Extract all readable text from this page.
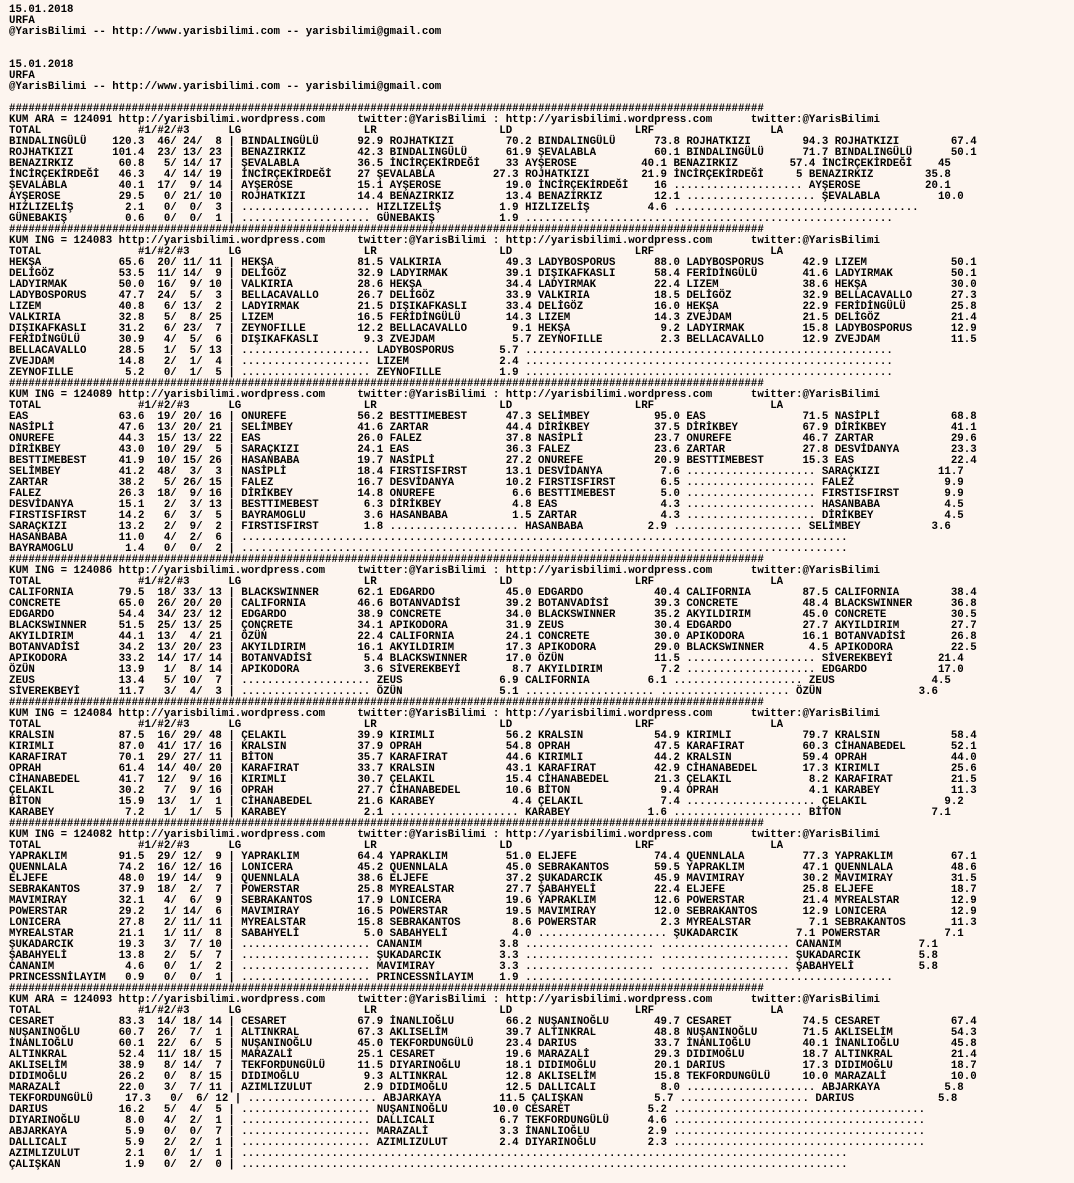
15.01.2018
URFA
@YarisBilimi -- http://www.yarisbilimi.com -- yarisbilimi@gmail.com
15.01.2018
URFA
@YarisBilimi -- http://www.yarisbilimi.com -- yarisbilimi@gmail.com
#####################################################################################################################
KUM ARA = 124091 http://yarisbilimi.wordpress.com     twitter:@YarisBilimi : http://yarisbilimi.wordpress.com      twitter:@YarisBilimi
TOTAL               #1/#2/#3      LG                   LR                   LD                   LRF                  LA
BINDALINGÜLÜ    120.3  46/ 24/  8 | BINDALINGÜLÜ      92.9 ROJHATKIZI        70.2 BINDALINGÜLÜ      73.8 ROJHATKIZI        94.3 ROJHATKIZI        67.4
ROJHATKIZI      101.4  23/ 13/ 23 | BENAZIRKIZ        42.3 BINDALINGÜLÜ      61.9 ŞEVALABLA         60.1 BINDALINGÜLÜ      71.7 BINDALINGÜLÜ      50.1
BENAZIRKIZ       60.8   5/ 14/ 17 | ŞEVALABLA         36.5 İNCİRÇEKİRDEĞİ    33 AYŞEROSE          40.1 BENAZIRKIZ        57.4 İNCİRÇEKİRDEĞİ    45
İNCİRÇEKİRDEĞİ   46.3   4/ 14/ 19 | İNCİRÇEKİRDEĞİ    27 ŞEVALABLA         27.3 ROJHATKIZI        21.9 İNCİRÇEKİRDEĞİ     5 BENAZIRKIZ        35.8
ŞEVALABLA        40.1  17/  9/ 14 | AYŞEROSE          15.1 AYŞEROSE          19.0 İNCİRÇEKİRDEĞİ    16 .................... AYŞEROSE          20.1
AYŞEROSE         29.5   0/ 21/ 10 | ROJHATKIZI        14.4 BENAZIRKIZ        13.4 BENAZIRKIZ        12.1 .................... ŞEVALABLA         10.0
HIZLIZELİŞ        2.1   0/  0/  3 | .................... HIZLIZELİŞ         1.9 HIZLIZELİŞ         4.6 ......................................
GÜNEBAKIŞ         0.6   0/  0/  1 | .................... GÜNEBAKIŞ          1.9 .........................................................
#####################################################################################################################
KUM ING = 124083 http://yarisbilimi.wordpress.com     twitter:@YarisBilimi : http://yarisbilimi.wordpress.com      twitter:@YarisBilimi
TOTAL               #1/#2/#3      LG                   LR                   LD                   LRF                  LA
HEKŞA            65.6  20/ 11/ 11 | HEKŞA             81.5 VALKIRIA          49.3 LADYBOSPORUS      88.0 LADYBOSPORUS      42.9 LIZEM             50.1
DELİGÖZ          53.5  11/ 14/  9 | DELİGÖZ           32.9 LADYIRMAK         39.1 DIŞIKAFKASLI      58.4 FERİDİNGÜLÜ       41.6 LADYIRMAK         50.1
LADYIRMAK        50.0  16/  9/ 10 | VALKIRIA          28.6 HEKŞA             34.4 LADYIRMAK         22.4 LIZEM             38.6 HEKŞA             30.0
LADYBOSPORUS     47.7  24/  5/  3 | BELLACAVALLO      26.7 DELİGÖZ           33.9 VALKIRIA          18.5 DELİGÖZ           32.9 BELLACAVALLO      27.3
LIZEM            40.8   6/ 13/  2 | LADYIRMAK         21.5 DIŞIKAFKASLI      33.4 DELİGÖZ           16.0 HEKŞA             22.9 FERİDİNGÜLÜ       25.8
VALKIRIA         32.8   5/  8/ 25 | LIZEM             16.5 FERİDİNGÜLÜ       14.3 LIZEM             14.3 ZVEJDAM           21.5 DELİGÖZ           21.4
DIŞIKAFKASLI     31.2   6/ 23/  7 | ZEYNOFILLE        12.2 BELLACAVALLO       9.1 HEKŞA              9.2 LADYIRMAK         15.8 LADYBOSPORUS      12.9
FERİDİNGÜLÜ      30.9   4/  5/  6 | DIŞIKAFKASLI       9.3 ZVEJDAM            5.7 ZEYNOFILLE         2.3 BELLACAVALLO      12.9 ZVEJDAM           11.5
BELLACAVALLO     28.5   1/  5/ 13 | .................... LADYBOSPORUS       5.7 .........................................................
ZVEJDAM          14.8   2/  1/  4 | .................... LIZEM              2.4 .........................................................
ZEYNOFILLE        5.2   0/  1/  5 | .................... ZEYNOFILLE         1.9 .........................................................
#####################################################################################################################
KUM ING = 124089 http://yarisbilimi.wordpress.com     twitter:@YarisBilimi : http://yarisbilimi.wordpress.com      twitter:@YarisBilimi
TOTAL               #1/#2/#3      LG                   LR                   LD                   LRF                  LA
EAS              63.6  19/ 20/ 16 | ONUREFE           56.2 BESTTIMEBEST      47.3 SELİMBEY          95.0 EAS               71.5 NASİPLİ           68.8
NASİPLİ          47.6  13/ 20/ 21 | SELİMBEY          41.6 ZARTAR            44.4 DİRİKBEY          37.5 DİRİKBEY          67.9 DİRİKBEY          41.1
ONUREFE          44.3  15/ 13/ 22 | EAS               26.0 FALEZ             37.8 NASİPLİ           23.7 ONUREFE           46.7 ZARTAR            29.6
DİRİKBEY         43.0  10/ 29/  5 | SARAÇKIZI         24.1 EAS               36.3 FALEZ             23.6 ZARTAR            27.8 DESVİDANYA        23.3
BESTTIMEBEST     41.9  10/ 15/ 26 | HASANBABA         19.7 NASİPLİ           27.2 ONUREFE           20.9 BESTTIMEBEST      15.3 EAS               22.4
SELİMBEY         41.2  48/  3/  3 | NASİPLİ           18.4 FIRSTISFIRST      13.1 DESVİDANYA         7.6 .................... SARAÇKIZI         11.7
ZARTAR           38.2   5/ 26/ 15 | FALEZ             16.7 DESVİDANYA        10.2 FIRSTISFIRST       6.5 .................... FALEZ              9.9
FALEZ            26.3  18/  9/ 16 | DİRİKBEY          14.8 ONUREFE            6.6 BESTTIMEBEST       5.0 .................... FIRSTISFIRST       9.9
DESVİDANYA       15.1   2/  3/ 13 | BESTTIMEBEST       6.3 DİRİKBEY           4.8 EAS                4.3 .................... HASANBABA          4.5
FIRSTISFIRST     14.2   6/  3/  5 | BAYRAMOGLU         3.6 HASANBABA          1.5 ZARTAR             4.3 .................... DİRİKBEY           4.5
SARAÇKIZI        13.2   2/  9/  2 | FIRSTISFIRST       1.8 .................... HASANBABA          2.9 .................... SELİMBEY           3.6
HASANBABA        11.0   4/  2/  6 | ..............................................................................................
BAYRAMOGLU        1.4   0/  0/  2 | ..............................................................................................
#####################################################################################################################
KUM ING = 124086 http://yarisbilimi.wordpress.com     twitter:@YarisBilimi : http://yarisbilimi.wordpress.com      twitter:@YarisBilimi
TOTAL               #1/#2/#3      LG                   LR                   LD                   LRF                  LA
CALIFORNIA       79.5  18/ 33/ 13 | BLACKSWINNER      62.1 EDGARDO           45.0 EDGARDO           40.4 CALIFORNIA        87.5 CALIFORNIA        38.4
CONCRETE         65.0  26/ 20/ 20 | CALIFORNIA        46.6 BOTANVADİSİ       39.2 BOTANVADİSİ       39.3 CONCRETE          48.4 BLACKSWINNER      36.8
EDGARDO          54.4  34/ 23/ 12 | EDGARDO           38.9 CONCRETE          34.0 BLACKSWINNER      35.2 AKYILDIRIM        45.0 CONCRETE          30.5
BLACKSWINNER     51.5  25/ 13/ 25 | ÇONÇRETE          34.1 APIKODORA         31.9 ZEUS              30.4 EDGARDO           27.7 AKYILDIRIM        27.7
AKYILDIRIM       44.1  13/  4/ 21 | ÖZÜN              22.4 CALIFORNIA        24.1 CONCRETE          30.0 APIKODORA         16.1 BOTANVADİSİ       26.8
BOTANVADİSİ      34.2  13/ 20/ 23 | AKYILDIRIM        16.1 AKYILDIRIM        17.3 APIKODORA         29.0 BLACKSWINNER       4.5 APIKODORA         22.5
APIKODORA        33.2  14/ 17/ 14 | BOTANVADİSİ        5.4 BLACKSWINNER      17.0 ÖZÜN              11.5 .................... SİVEREKBEYİ       21.4
ÖZÜN             13.9   1/  8/ 14 | APIKODORA          3.6 SİVEREKBEYİ        8.7 AKYILDIRIM         7.2 .................... EDGARDO           17.0
ZEUS             13.4   5/ 10/  7 | .................... ZEUS               6.9 CALIFORNIA         6.1 .................... ZEUS               4.5
SİVEREKBEYİ      11.7   3/  4/  3 | .................... ÖZÜN               5.1 .................... .................... ÖZÜN               3.6
#####################################################################################################################
KUM ING = 124084 http://yarisbilimi.wordpress.com     twitter:@YarisBilimi : http://yarisbilimi.wordpress.com      twitter:@YarisBilimi
TOTAL               #1/#2/#3      LG                   LR                   LD                   LRF                  LA
KRALSIN          87.5  16/ 29/ 48 | ÇELAKIL           39.9 KIRIMLI           56.2 KRALSIN           54.9 KIRIMLI           79.7 KRALSIN           58.4
KIRIMLI          87.0  41/ 17/ 16 | KRALSIN           37.9 OPRAH             54.8 OPRAH             47.5 KARAFIRAT         60.3 CİHANABEDEL       52.1
KARAFIRAT        70.1  29/ 27/ 11 | BİTON             35.7 KARAFIRAT         44.6 KIRIMLI           44.2 KRALSIN           59.4 OPRAH             44.0
OPRAH            61.4  14/ 40/ 20 | KARAFIRAT         33.7 KRALSIN           43.1 KARAFIRAT         42.9 CİHANABEDEL       17.3 KIRIMLI           25.6
CİHANABEDEL      41.7  12/  9/ 16 | KIRIMLI           30.7 ÇELAKIL           15.4 CİHANABEDEL       21.3 ÇELAKIL            8.2 KARAFIRAT         21.5
ÇELAKIL          30.2   7/  9/ 16 | OPRAH             27.7 CİHANABEDEL       10.6 BİTON              9.4 OPRAH              4.1 KARABEY           11.3
BİTON            15.9  13/  1/  1 | CİHANABEDEL       21.6 KARABEY            4.4 ÇELAKIL            7.4 .................... ÇELAKIL            9.2
KARABEY           7.2   1/  1/  5 | KARABEY            2.1 .................... KARABEY            1.6 .................... BİTON              7.1
#####################################################################################################################
KUM ING = 124082 http://yarisbilimi.wordpress.com     twitter:@YarisBilimi : http://yarisbilimi.wordpress.com      twitter:@YarisBilimi
TOTAL               #1/#2/#3      LG                   LR                   LD                   LRF                  LA
YAPRAKLIM        91.5  29/ 12/  9 | YAPRAKLIM         64.4 YAPRAKLIM         51.0 ELJEFE            74.4 QUENNLALA         77.3 YAPRAKLIM         67.1
QUENNLALA        74.2  16/ 12/ 16 | LONICERA          45.2 QUENNLALA         45.0 SEBRAKANTOS       59.5 YAPRAKLIM         47.1 QUENNLALA         48.6
ELJEFE           48.0  19/ 14/  9 | QUENNLALA         38.6 ELJEFE            37.2 ŞUKADARCIK        45.9 MAVIMIRAY         30.2 MAVIMIRAY         31.5
SEBRAKANTOS      37.9  18/  2/  7 | POWERSTAR         25.8 MYREALSTAR        27.7 ŞABAHYELİ         22.4 ELJEFE            25.8 ELJEFE            18.7
MAVIMIRAY        32.1   4/  6/  9 | SEBRAKANTOS       17.9 LONICERA          19.6 YAPRAKLIM         12.6 POWERSTAR         21.4 MYREALSTAR        12.9
POWERSTAR        29.2   1/ 14/  6 | MAVIMIRAY         16.5 POWERSTAR         19.5 MAVIMIRAY         12.0 SEBRAKANTOS       12.9 LONICERA          12.9
LONICERA         27.8   2/ 11/ 11 | MYREALSTAR        15.8 SEBRAKANTOS        8.6 POWERSTAR          2.3 MYREALSTAR         7.1 SEBRAKANTOS       11.3
MYREALSTAR       21.1   1/ 11/  8 | SABAHYELİ          5.0 SABAHYELİ          4.0 .................... ŞUKADARCIK         7.1 POWERSTAR          7.1
ŞUKADARCIK       19.3   3/  7/ 10 | .................... CANANIM            3.8 .................... .................... CANANIM            7.1
ŞABAHYELİ        13.8   2/  5/  7 | .................... ŞUKADARCIK         3.3 .................... .................... ŞUKADARCIK         5.8
CANANIM           4.6   0/  1/  2 | .................... MAVIMIRAY          3.3 .................... .................... ŞABAHYELİ          5.8
PRINCESSNİLAYIM   0.9   0/  0/  1 | .................... PRINCESSNİLAYIM    1.9 .........................................................
#####################################################################################################################
KUM ARA = 124093 http://yarisbilimi.wordpress.com     twitter:@YarisBilimi : http://yarisbilimi.wordpress.com      twitter:@YarisBilimi
TOTAL               #1/#2/#3      LG                   LR                   LD                   LRF                  LA
CESARET          83.3  14/ 18/ 14 | CESARET           67.9 İNANLIOĞLU        66.2 NUŞANINOĞLU       49.7 CESARET           74.5 CESARET           67.4
NUŞANINOĞLU      60.7  26/  7/  1 | ALTINKRAL         67.3 AKLISELİM         39.7 ALTINKRAL         48.8 NUŞANINOĞLU       71.5 AKLISELİM         54.3
İNANLIOĞLU       60.1  22/  6/  5 | NUŞANINOĞLU       45.0 TEKFORDUNGÜLÜ     23.4 DARIUS            33.7 İNANLIOĞLU        40.1 İNANLIOĞLU        45.8
ALTINKRAL        52.4  11/ 18/ 15 | MARAZALİ          25.1 CESARET           19.6 MARAZALİ          29.3 DIDIMOĞLU         18.7 ALTINKRAL         21.4
AKLISELİM        38.9   8/ 14/  7 | TEKFORDUNGÜLÜ     11.5 DIYARINOĞLU       18.1 DIDIMOĞLU         20.1 DARIUS            17.3 DIDIMOĞLU         18.7
DIDIMOĞLU        26.2   0/  8/ 15 | DIDIMOĞLU          9.3 ALTINKRAL         12.8 AKLISELİM         15.8 TEKFORDUNGÜLÜ     10.0 MARAZALİ          10.0
MARAZALİ         22.0   3/  7/ 11 | AZIMLIZULUT        2.9 DIDIMOĞLU         12.5 DALLICALI          8.0 .................... ABJARKAYA          5.8
TEKFORDUNGÜLÜ     17.3   0/  6/ 12 | .................... ABJARKAYA         11.5 ÇALIŞKAN           5.7 .................... DARIUS             5.8
DARIUS           16.2   5/  4/  5 | .................... NUŞANINOĞLU       10.0 CESARET            5.2 .......................................
DIYARINOĞLU       8.0   4/  2/  1 | .................... DALLICALI          6.7 TEKFORDUNGÜLÜ      4.6 .......................................
ABJARKAYA         5.9   0/  0/  7 | .................... MARAZALİ           3.3 İNANLIOĞLU         2.9 .......................................
DALLICALI         5.9   2/  2/  1 | .................... AZIMLIZULUT        2.4 DIYARINOĞLU        2.3 .......................................
AZIMLIZULUT       2.1   0/  1/  1 | ..............................................................................................
ÇALIŞKAN          1.9   0/  2/  0 | ..............................................................................................
